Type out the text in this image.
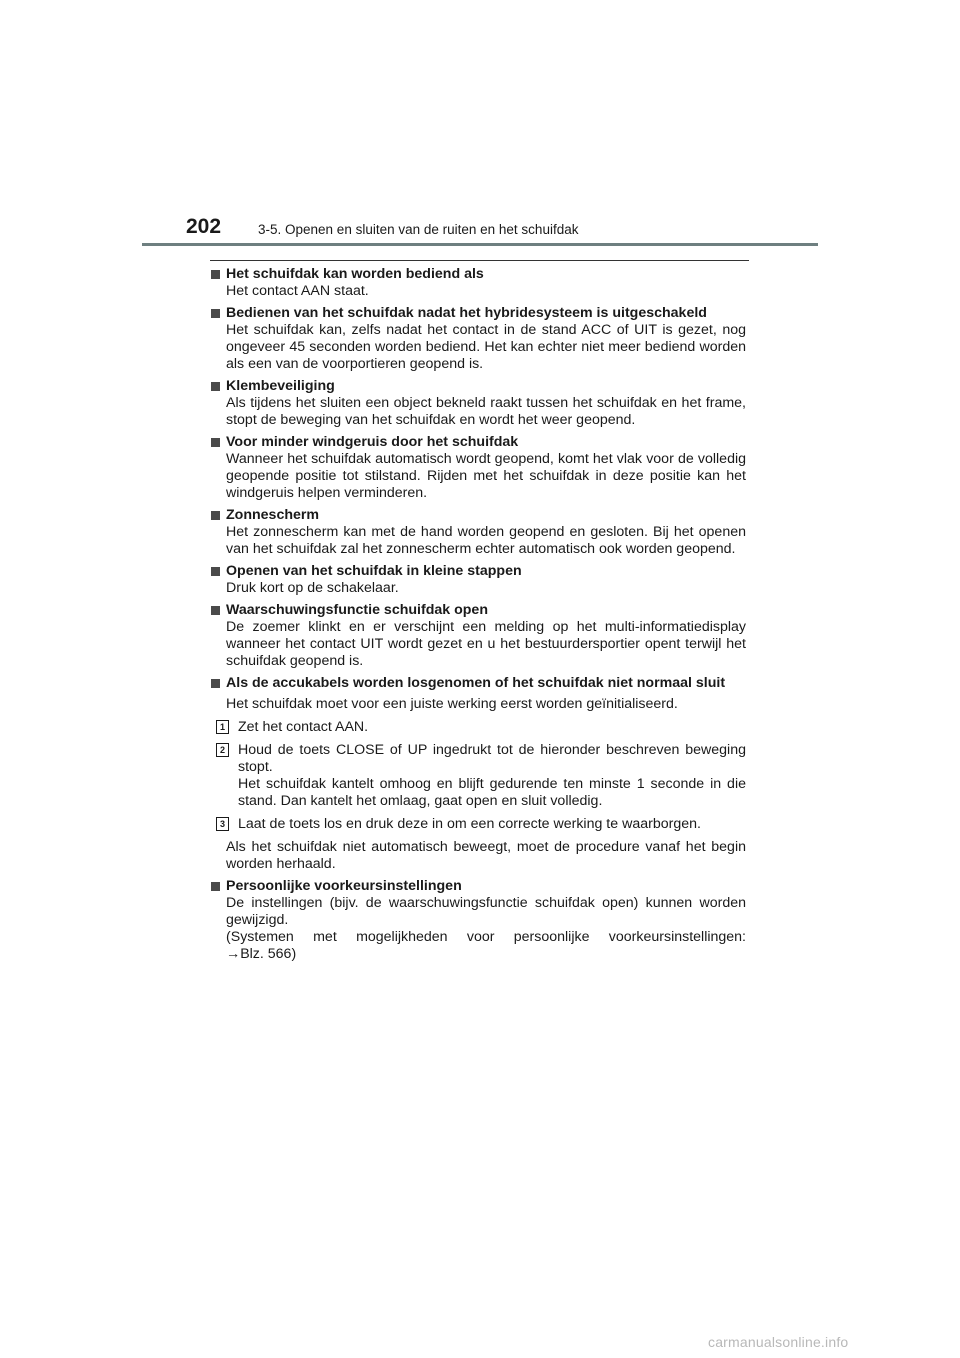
202	3-5. Openen en sluiten van de ruiten en het schuifdak
Het schuifdak kan worden bediend als
Het contact AAN staat.
Bedienen van het schuifdak nadat het hybridesysteem is uitgeschakeld
Het schuifdak kan, zelfs nadat het contact in de stand ACC of UIT is gezet, nog ongeveer 45 seconden worden bediend. Het kan echter niet meer bediend worden als een van de voorportieren geopend is.
Klembeveiliging
Als tijdens het sluiten een object bekneld raakt tussen het schuifdak en het frame, stopt de beweging van het schuifdak en wordt het weer geopend.
Voor minder windgeruis door het schuifdak
Wanneer het schuifdak automatisch wordt geopend, komt het vlak voor de volledig geopende positie tot stilstand. Rijden met het schuifdak in deze positie kan het windgeruis helpen verminderen.
Zonnescherm
Het zonnescherm kan met de hand worden geopend en gesloten. Bij het openen van het schuifdak zal het zonnescherm echter automatisch ook worden geopend.
Openen van het schuifdak in kleine stappen
Druk kort op de schakelaar.
Waarschuwingsfunctie schuifdak open
De zoemer klinkt en er verschijnt een melding op het multi-informatiedisplay wanneer het contact UIT wordt gezet en u het bestuurdersportier opent terwijl het schuifdak geopend is.
Als de accukabels worden losgenomen of het schuifdak niet normaal sluit
Het schuifdak moet voor een juiste werking eerst worden geïnitialiseerd.
1 Zet het contact AAN.
2 Houd de toets CLOSE of UP ingedrukt tot de hieronder beschreven beweging stopt.
Het schuifdak kantelt omhoog en blijft gedurende ten minste 1 seconde in die stand. Dan kantelt het omlaag, gaat open en sluit volledig.
3 Laat de toets los en druk deze in om een correcte werking te waarborgen.
Als het schuifdak niet automatisch beweegt, moet de procedure vanaf het begin worden herhaald.
Persoonlijke voorkeursinstellingen
De instellingen (bijv. de waarschuwingsfunctie schuifdak open) kunnen worden gewijzigd.
(Systemen met mogelijkheden voor persoonlijke voorkeursinstellingen:
→Blz. 566)
carmanualsonline.info
